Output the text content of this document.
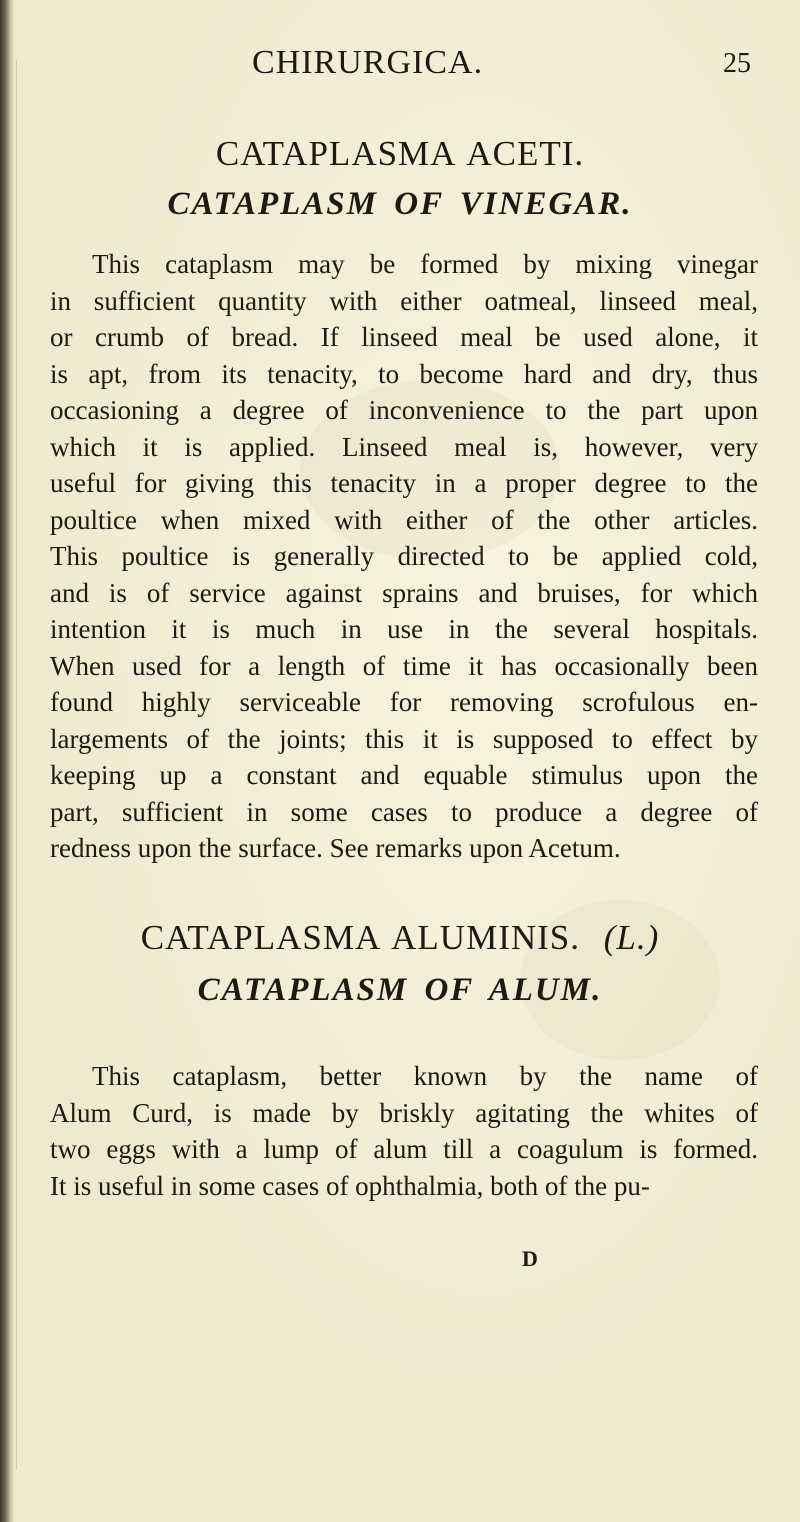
CHIRURGICA.	25
CATAPLASMA ACETI.
CATAPLASM OF VINEGAR.
This cataplasm may be formed by mixing vinegar
in sufficient quantity with either oatmeal, linseed meal,
or crumb of bread. If linseed meal be used alone, it
is apt, from its tenacity, to become hard and dry, thus
occasioning a degree of inconvenience to the part upon
which it is applied. Linseed meal is, however, very
useful for giving this tenacity in a proper degree to the
poultice when mixed with either of the other articles.
This poultice is generally directed to be applied cold,
and is of service against sprains and bruises, for which
intention it is much in use in the several hospitals.
When used for a length of time it has occasionally been
found highly serviceable for removing scrofulous en-
largements of the joints; this it is supposed to effect by
keeping up a constant and equable stimulus upon the
part, sufficient in some cases to produce a degree of
redness upon the surface. See remarks upon Acetum.
CATAPLASMA ALUMINIS. (L.)
CATAPLASM OF ALUM.
This cataplasm, better known by the name of
Alum Curd, is made by briskly agitating the whites of
two eggs with a lump of alum till a coagulum is formed.
It is useful in some cases of ophthalmia, both of the pu-
D
